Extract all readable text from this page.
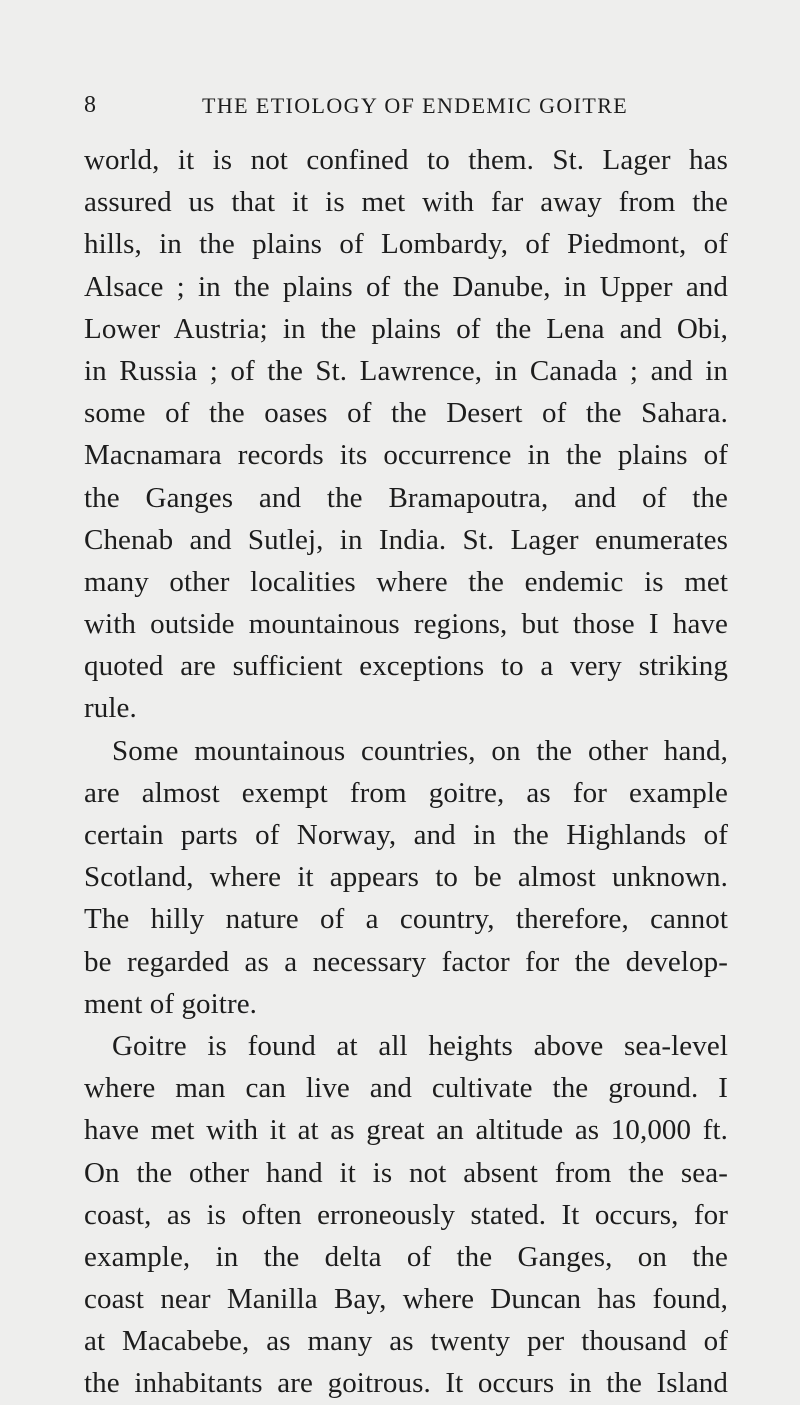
8	THE ETIOLOGY OF ENDEMIC GOITRE
world, it is not confined to them. St. Lager has
assured us that it is met with far away from the
hills, in the plains of Lombardy, of Piedmont, of
Alsace ; in the plains of the Danube, in Upper and
Lower Austria; in the plains of the Lena and Obi,
in Russia ; of the St. Lawrence, in Canada ; and in
some of the oases of the Desert of the Sahara.
Macnamara records its occurrence in the plains of
the Ganges and the Bramapoutra, and of the
Chenab and Sutlej, in India. St. Lager enumerates
many other localities where the endemic is met
with outside mountainous regions, but those I have
quoted are sufficient exceptions to a very striking
rule.
Some mountainous countries, on the other hand,
are almost exempt from goitre, as for example
certain parts of Norway, and in the Highlands of
Scotland, where it appears to be almost unknown.
The hilly nature of a country, therefore, cannot
be regarded as a necessary factor for the develop-
ment of goitre.
Goitre is found at all heights above sea-level
where man can live and cultivate the ground. I
have met with it at as great an altitude as 10,000 ft.
On the other hand it is not absent from the sea-
coast, as is often erroneously stated. It occurs, for
example, in the delta of the Ganges, on the
coast near Manilla Bay, where Duncan has found,
at Macabebe, as many as twenty per thousand of
the inhabitants are goitrous. It occurs in the Island
